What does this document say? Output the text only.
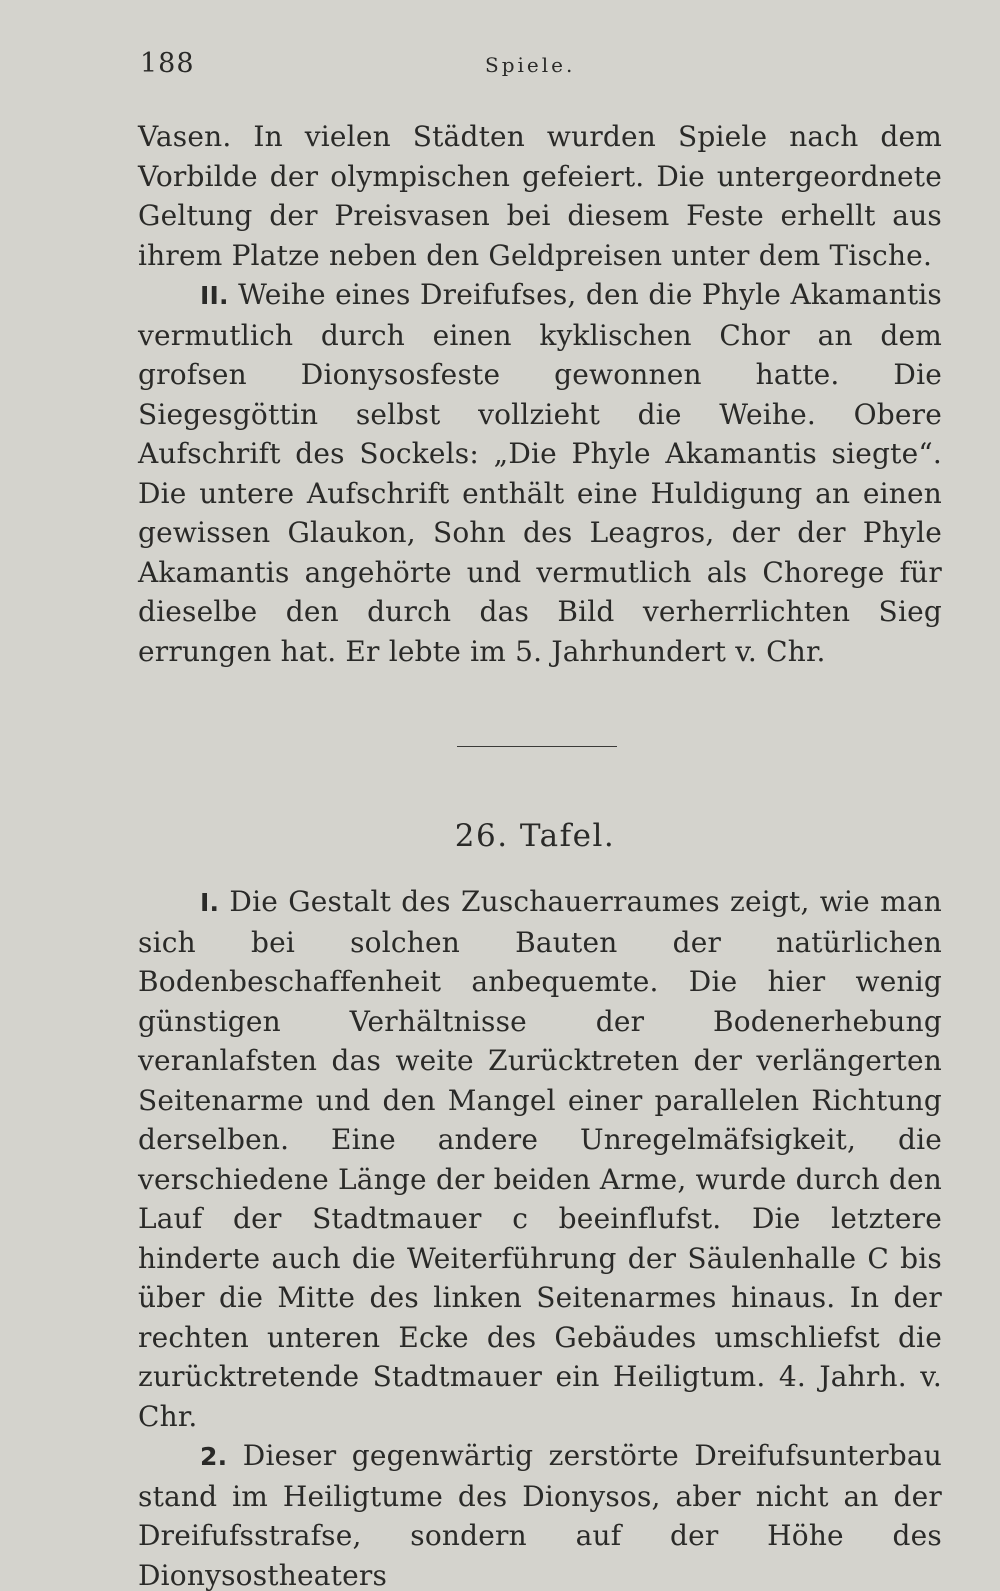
188	Spiele.

Vasen. In vielen Städten wurden Spiele nach dem Vorbilde der olympischen gefeiert. Die untergeordnete Geltung der Preisvasen bei diesem Feste erhellt aus ihrem Platze neben den Geldpreisen unter dem Tische.

II. Weihe eines Dreifufses, den die Phyle Akamantis vermutlich durch einen kyklischen Chor an dem grofsen Dionysosfeste gewonnen hatte. Die Siegesgöttin selbst vollzieht die Weihe. Obere Aufschrift des Sockels: „Die Phyle Akamantis siegte“. Die untere Aufschrift enthält eine Huldigung an einen gewissen Glaukon, Sohn des Leagros, der der Phyle Akamantis angehörte und vermutlich als Chorege für dieselbe den durch das Bild verherrlichten Sieg errungen hat. Er lebte im 5. Jahrhundert v. Chr.

26. Tafel.

I. Die Gestalt des Zuschauerraumes zeigt, wie man sich bei solchen Bauten der natürlichen Bodenbeschaffenheit anbequemte. Die hier wenig günstigen Verhältnisse der Bodenerhebung veranlafsten das weite Zurücktreten der verlängerten Seitenarme und den Mangel einer parallelen Richtung derselben. Eine andere Unregelmäfsigkeit, die verschiedene Länge der beiden Arme, wurde durch den Lauf der Stadtmauer c beeinflufst. Die letztere hinderte auch die Weiterführung der Säulenhalle C bis über die Mitte des linken Seitenarmes hinaus. In der rechten unteren Ecke des Gebäudes umschliefst die zurücktretende Stadtmauer ein Heiligtum. 4. Jahrh. v. Chr.

2. Dieser gegenwärtig zerstörte Dreifufsunterbau stand im Heiligtume des Dionysos, aber nicht an der Dreifufsstrafse, sondern auf der Höhe des Dionysostheaters
